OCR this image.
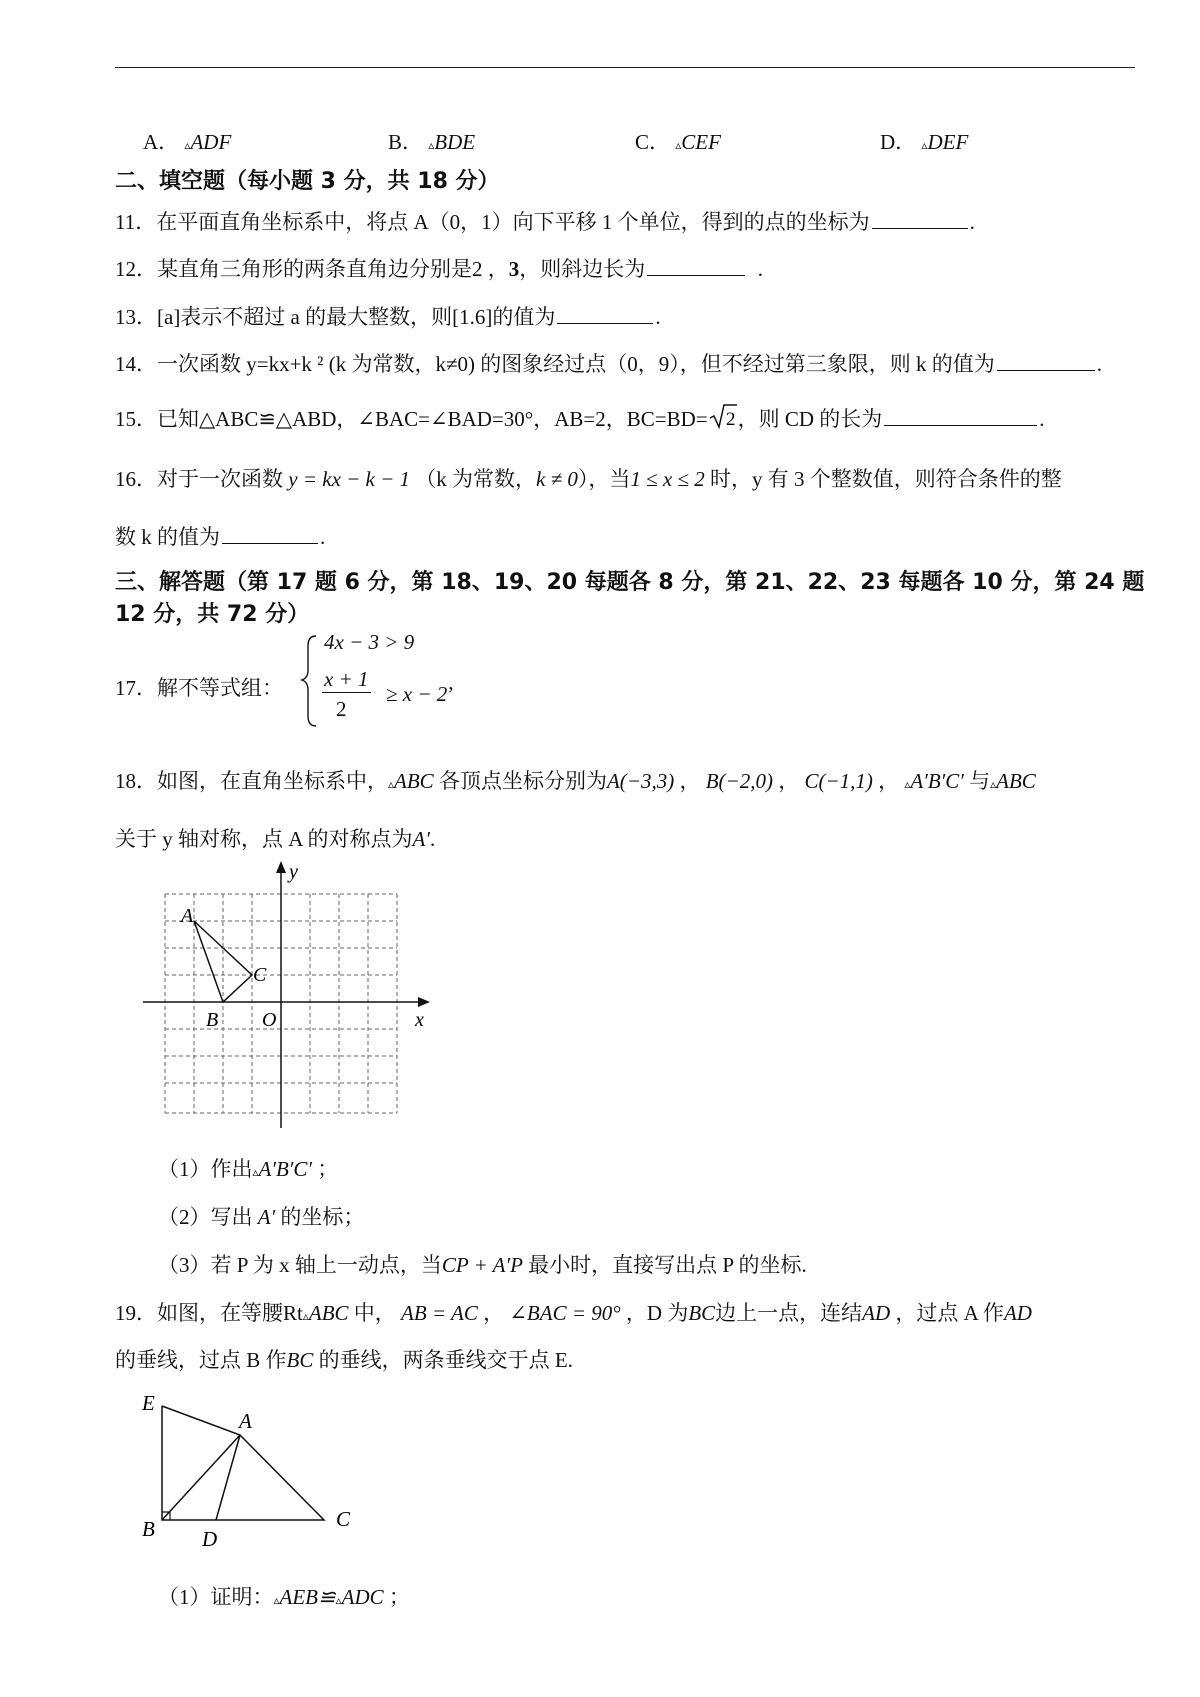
A． ▵ADF	B． ▵BDE	C． ▵CEF	D． ▵DEF
二、填空题（每小题 3 分，共 18 分）
11．在平面直角坐标系中，将点 A（0，1）向下平移 1 个单位，得到的点的坐标为	.
12．某直角三角形的两条直角边分别是2 ，3，则斜边长为	.
13．[a]表示不超过 a 的最大整数，则[1.6]的值为	.
14．一次函数 y=kx+k ² (k 为常数，k≠0) 的图象经过点（0，9），但不经过第三象限，则 k 的值为	.
15．已知△ABC≌△ABD，∠BAC=∠BAD=30°，AB=2，BC=BD= 2 ，则 CD 的长为	.
16．对于一次函数 y = kx − k − 1 （k 为常数，k ≠ 0），当1 ≤ x ≤ 2 时，y 有 3 个整数值，则符合条件的整
数 k 的值为	.
三、解答题（第 17 题 6 分，第 18、19、20 每题各 8 分，第 21、22、23 每题各 10 分，第 24 题
12 分，共 72 分）
17．解不等式组：
4x − 3 > 9
x + 1
2
≥ x − 2’
18．如图，在直角坐标系中，▵ABC 各顶点坐标分别为A(−3,3) ， B(−2,0) ， C(−1,1) ， ▵A′B′C′ 与▵ABC
关于 y 轴对称，点 A 的对称点为A′.
A
B
C
O	x
y
（1）作出▵A′B′C′ ；
（2）写出 A′ 的坐标；
（3）若 P 为 x 轴上一动点，当CP + A′P 最小时，直接写出点 P 的坐标.
19．如图，在等腰Rt▵ABC 中， AB = AC ， ∠BAC = 90° ，D 为BC边上一点，连结AD ，过点 A 作AD
的垂线，过点 B 作BC 的垂线，两条垂线交于点 E.
E
A
B D
C
（1）证明：▵AEB≌▵ADC ；
